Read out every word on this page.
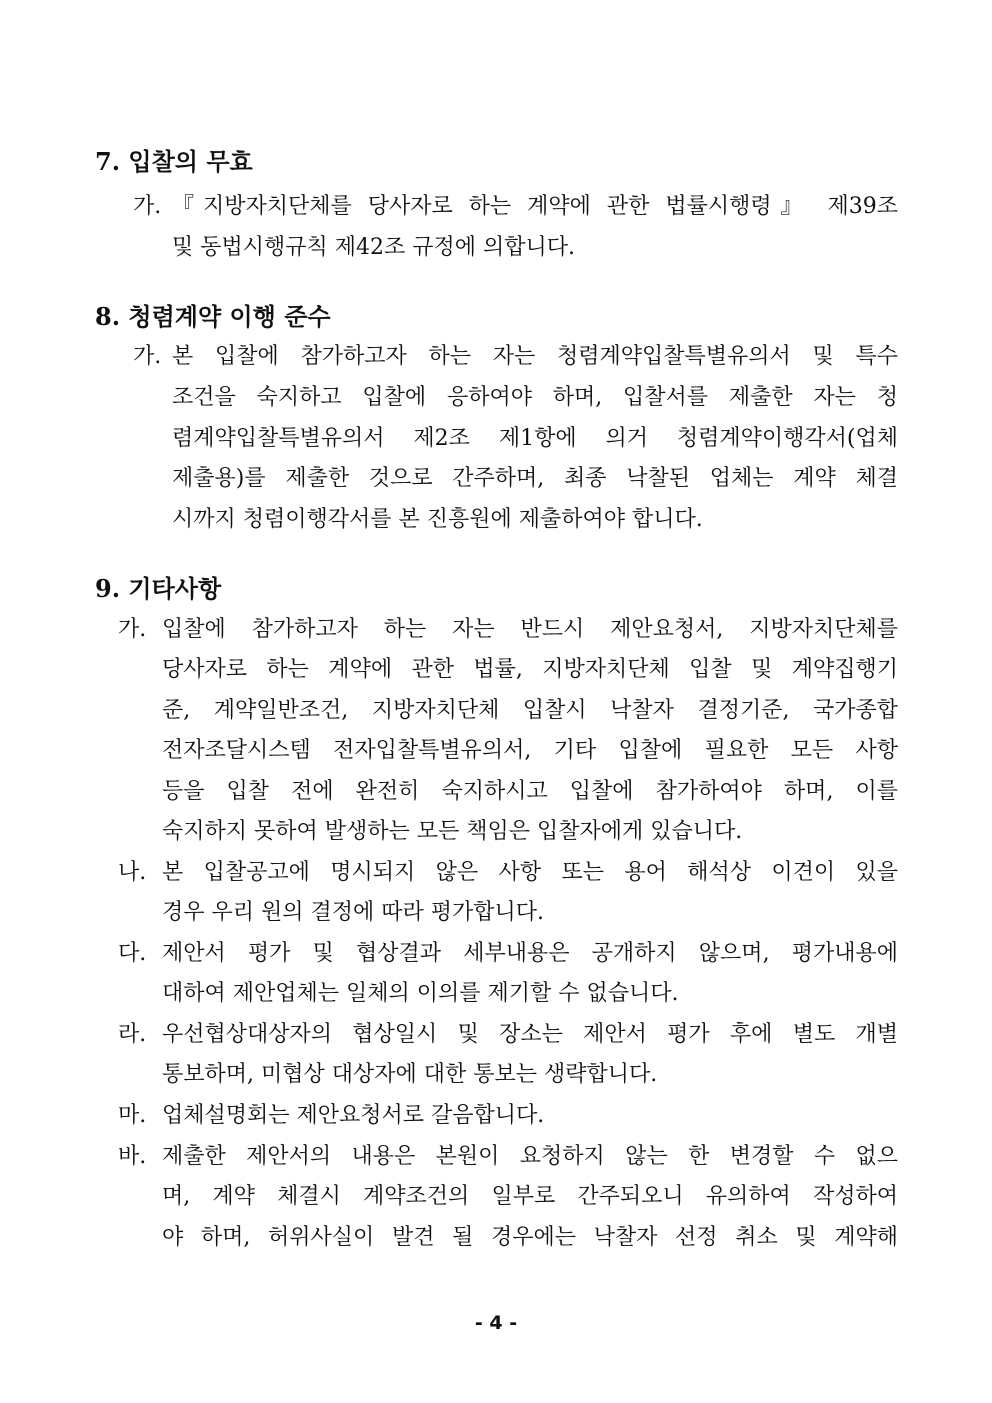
7. 입찰의 무효
가. 『지방자치단체를 당사자로 하는 계약에 관한 법률시행령』 제39조
및 동법시행규칙 제42조 규정에 의합니다.
8. 청렴계약 이행 준수
가. 본 입찰에 참가하고자 하는 자는 청렴계약입찰특별유의서 및 특수
조건을 숙지하고 입찰에 응하여야 하며, 입찰서를 제출한 자는 청
렴계약입찰특별유의서 제2조 제1항에 의거 청렴계약이행각서(업체
제출용)를 제출한 것으로 간주하며, 최종 낙찰된 업체는 계약 체결
시까지 청렴이행각서를 본 진흥원에 제출하여야 합니다.
9. 기타사항
가. 입찰에 참가하고자 하는 자는 반드시 제안요청서, 지방자치단체를
당사자로 하는 계약에 관한 법률, 지방자치단체 입찰 및 계약집행기
준, 계약일반조건, 지방자치단체 입찰시 낙찰자 결정기준, 국가종합
전자조달시스템 전자입찰특별유의서, 기타 입찰에 필요한 모든 사항
등을 입찰 전에 완전히 숙지하시고 입찰에 참가하여야 하며, 이를
숙지하지 못하여 발생하는 모든 책임은 입찰자에게 있습니다.
나. 본 입찰공고에 명시되지 않은 사항 또는 용어 해석상 이견이 있을
경우 우리 원의 결정에 따라 평가합니다.
다. 제안서 평가 및 협상결과 세부내용은 공개하지 않으며, 평가내용에
대하여 제안업체는 일체의 이의를 제기할 수 없습니다.
라. 우선협상대상자의 협상일시 및 장소는 제안서 평가 후에 별도 개별
통보하며, 미협상 대상자에 대한 통보는 생략합니다.
마. 업체설명회는 제안요청서로 갈음합니다.
바. 제출한 제안서의 내용은 본원이 요청하지 않는 한 변경할 수 없으
며, 계약 체결시 계약조건의 일부로 간주되오니 유의하여 작성하여
야 하며, 허위사실이 발견 될 경우에는 낙찰자 선정 취소 및 계약해
- 4 -
